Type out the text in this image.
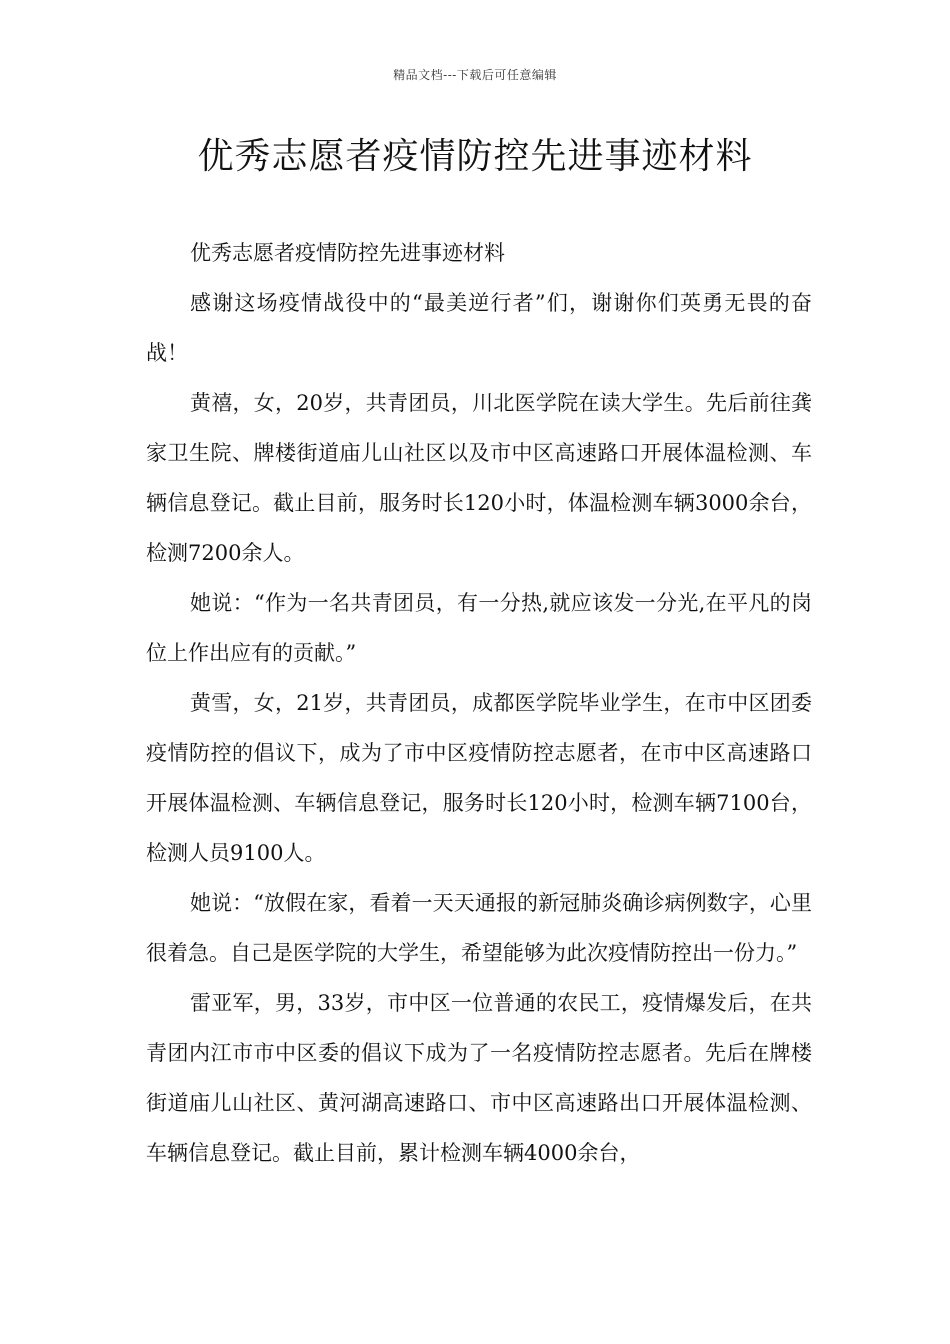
精品文档---下载后可任意编辑
优秀志愿者疫情防控先进事迹材料

优秀志愿者疫情防控先进事迹材料

感谢这场疫情战役中的“最美逆行者”们，谢谢你们英勇无畏的奋战！

黄禧，女，20岁，共青团员，川北医学院在读大学生。先后前往龚家卫生院、牌楼街道庙儿山社区以及市中区高速路口开展体温检测、车辆信息登记。截止目前，服务时长120小时，体温检测车辆3000余台，检测7200余人。

她说：“作为一名共青团员，有一分热,就应该发一分光,在平凡的岗位上作出应有的贡献。”

黄雪，女，21岁，共青团员，成都医学院毕业学生，在市中区团委疫情防控的倡议下，成为了市中区疫情防控志愿者，在市中区高速路口开展体温检测、车辆信息登记，服务时长120小时，检测车辆7100台，检测人员9100人。

她说：“放假在家，看着一天天通报的新冠肺炎确诊病例数字，心里很着急。自己是医学院的大学生，希望能够为此次疫情防控出一份力。”

雷亚军，男，33岁，市中区一位普通的农民工，疫情爆发后，在共青团内江市市中区委的倡议下成为了一名疫情防控志愿者。先后在牌楼街道庙儿山社区、黄河湖高速路口、市中区高速路出口开展体温检测、车辆信息登记。截止目前，累计检测车辆4000余台，
